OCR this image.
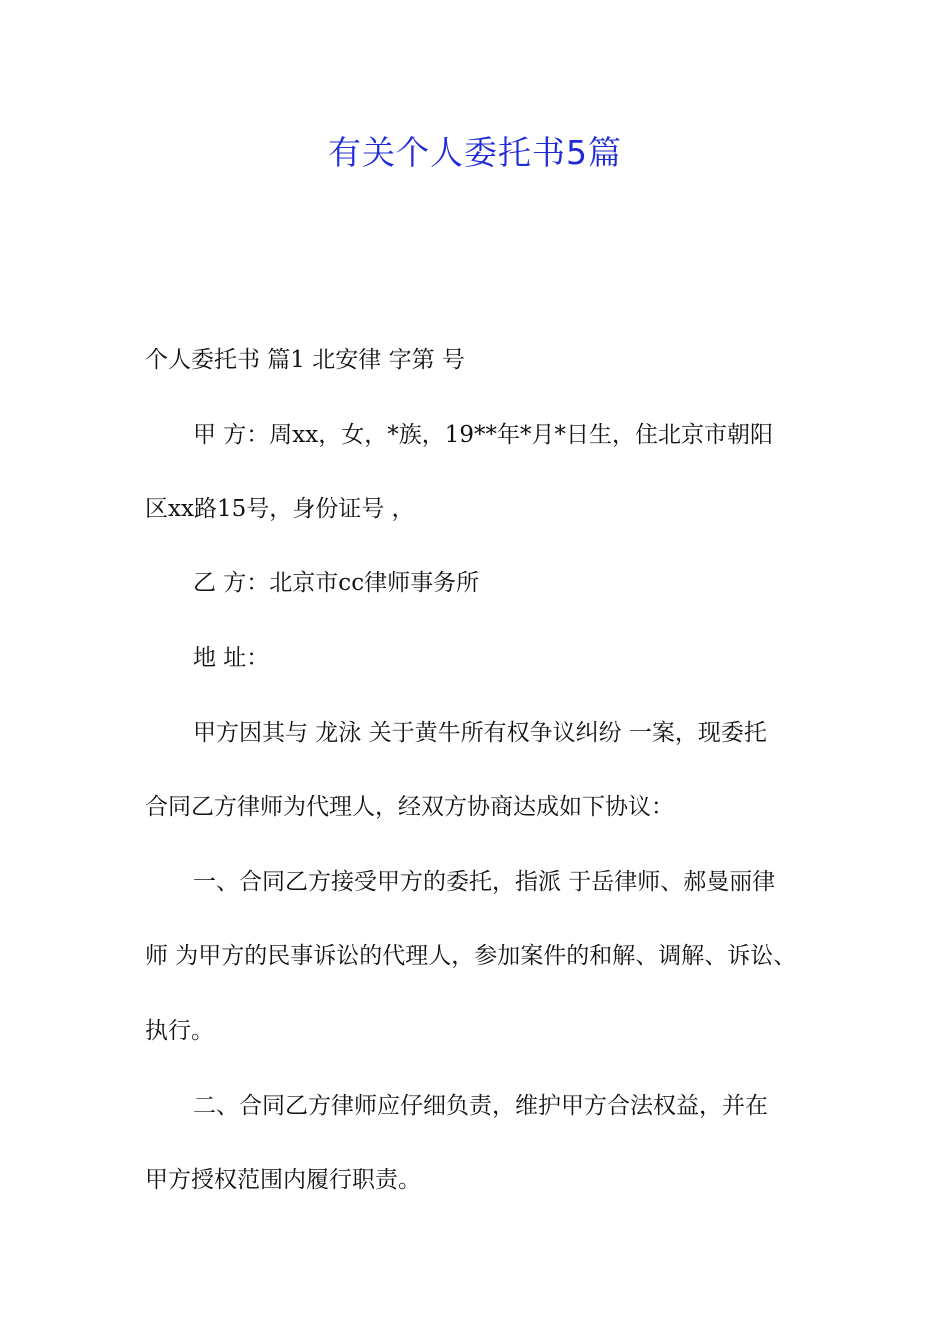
有关个人委托书5篇
个人委托书 篇1 北安律 字第 号
甲 方：周xx，女，*族，19**年*月*日生，住北京市朝阳
区xx路15号，身份证号 ，
乙 方：北京市cc律师事务所
地 址：
甲方因其与 龙泳 关于黄牛所有权争议纠纷 一案，现委托
合同乙方律师为代理人，经双方协商达成如下协议：
一、合同乙方接受甲方的委托，指派 于岳律师、郝曼丽律
师 为甲方的民事诉讼的代理人，参加案件的和解、调解、诉讼、
执行。
二、合同乙方律师应仔细负责，维护甲方合法权益，并在
甲方授权范围内履行职责。
